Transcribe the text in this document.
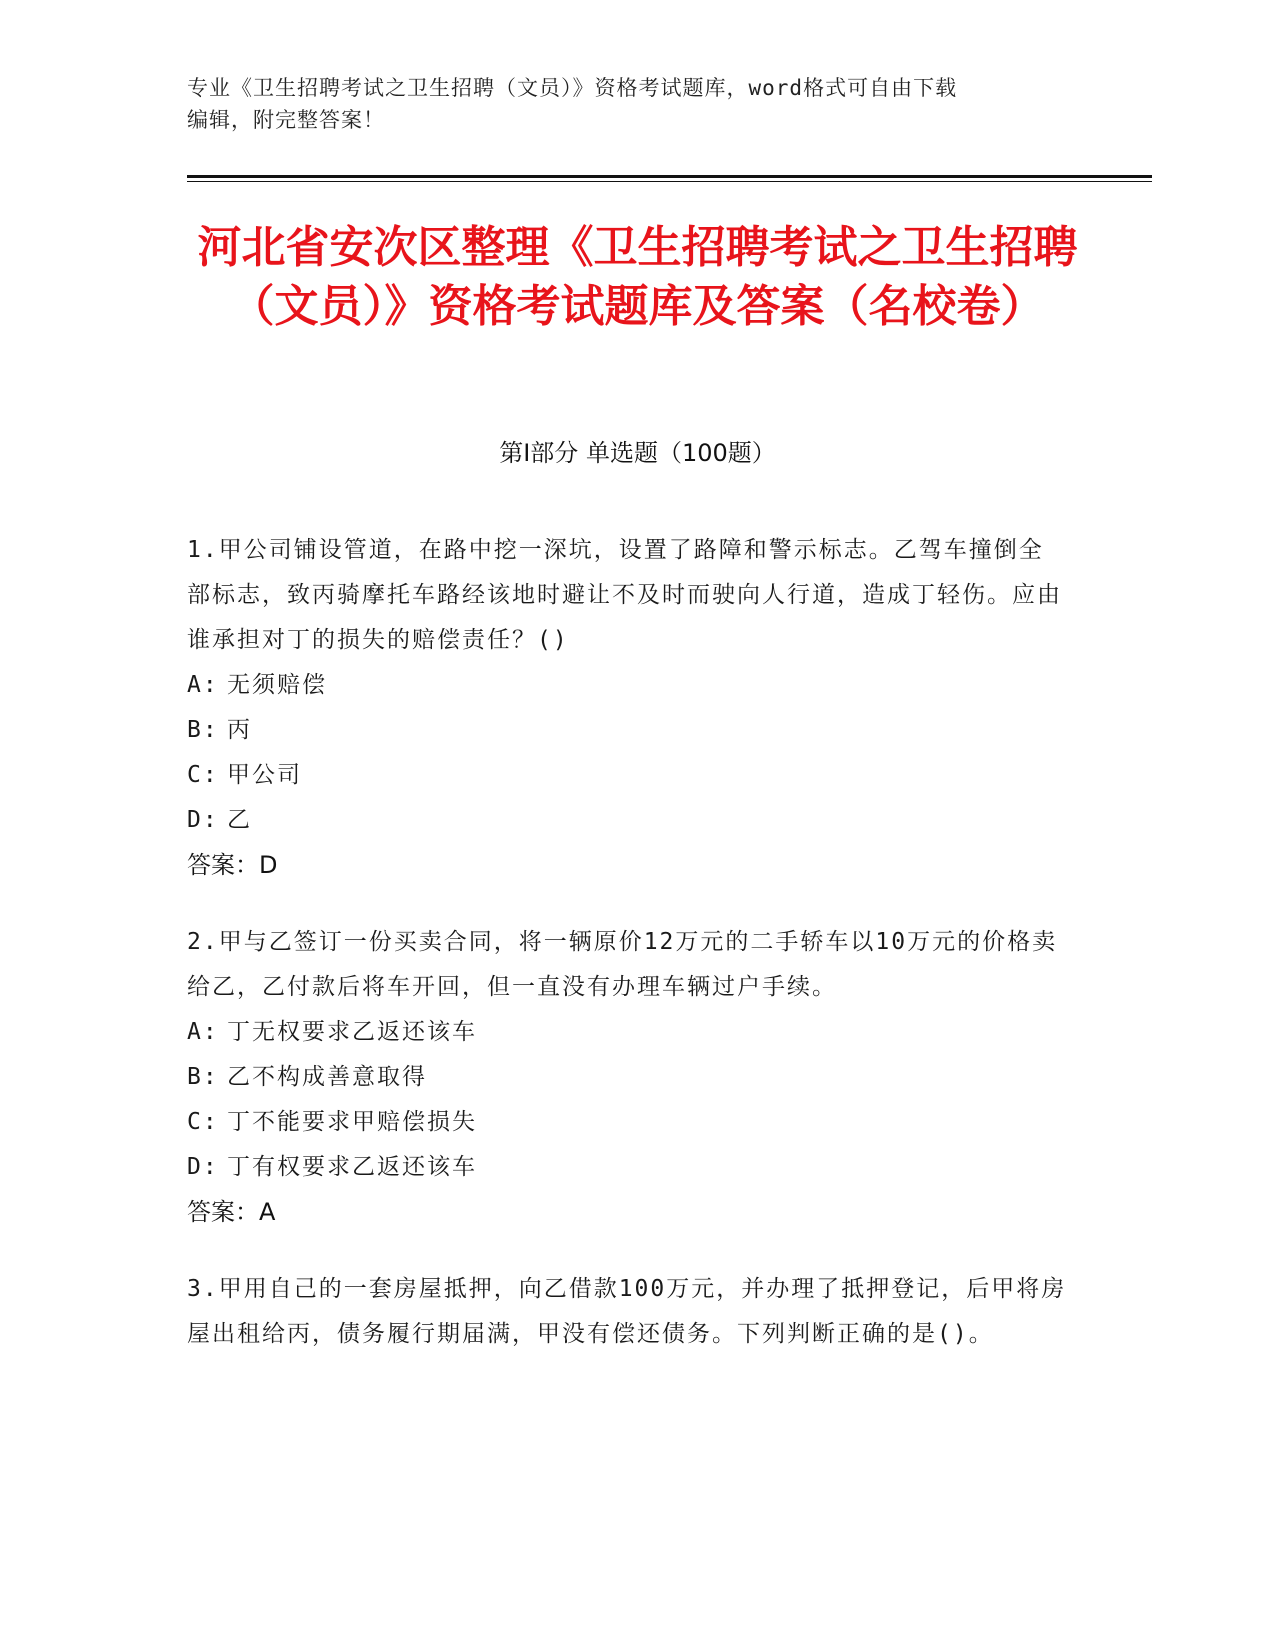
专业《卫生招聘考试之卫生招聘（文员）》资格考试题库，word格式可自由下载
编辑，附完整答案！
河北省安次区整理《卫生招聘考试之卫生招聘（文员）》资格考试题库及答案（名校卷）
第I部分 单选题（100题）
1.甲公司铺设管道，在路中挖一深坑，设置了路障和警示标志。乙驾车撞倒全部标志，致丙骑摩托车路经该地时避让不及时而驶向人行道，造成丁轻伤。应由谁承担对丁的损失的赔偿责任？()
A: 无须赔偿
B: 丙
C: 甲公司
D: 乙
答案：D
2.甲与乙签订一份买卖合同，将一辆原价12万元的二手轿车以10万元的价格卖给乙，乙付款后将车开回，但一直没有办理车辆过户手续。
A: 丁无权要求乙返还该车
B: 乙不构成善意取得
C: 丁不能要求甲赔偿损失
D: 丁有权要求乙返还该车
答案：A
3.甲用自己的一套房屋抵押，向乙借款100万元，并办理了抵押登记，后甲将房屋出租给丙，债务履行期届满，甲没有偿还债务。下列判断正确的是()。
